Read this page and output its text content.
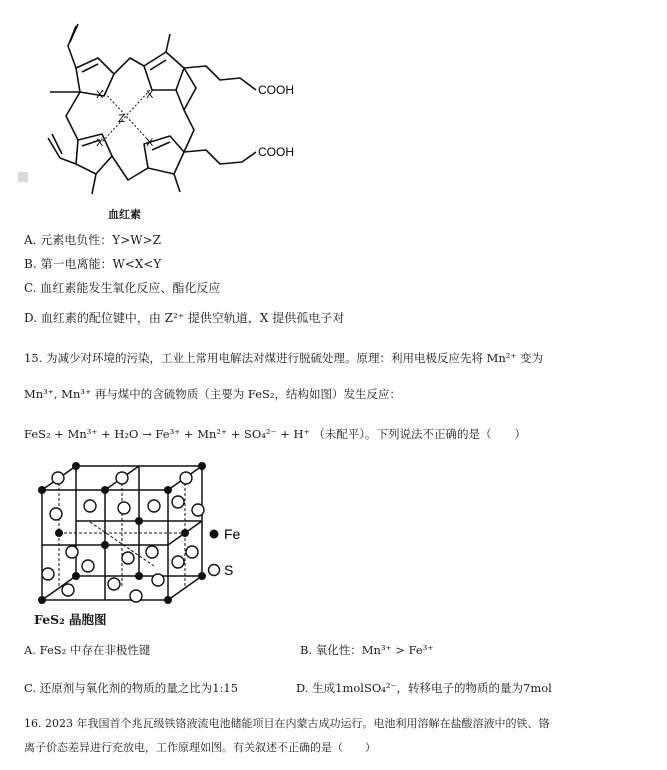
X	X
Z
X	X
COOH
COOH
血红素
A. 元素电负性：Y>W>Z
B. 第一电离能：W<X<Y
C. 血红素能发生氧化反应、酯化反应
D. 血红素的配位键中，由 Z²⁺ 提供空轨道，X 提供孤电子对
15. 为减少对环境的污染，工业上常用电解法对煤进行脱硫处理。原理：利用电极反应先将 Mn²⁺ 变为
Mn³⁺, Mn³⁺ 再与煤中的含硫物质（主要为 FeS₂，结构如图）发生反应：
FeS₂ + Mn³⁺ + H₂O → Fe³⁺ + Mn²⁺ + SO₄²⁻ + H⁺ （未配平）。下列说法不正确的是（　　）
Fe
S
FeS₂ 晶胞图
A. FeS₂ 中存在非极性键	B. 氧化性：Mn³⁺ > Fe³⁺
C. 还原剂与氧化剂的物质的量之比为1:15	D. 生成1molSO₄²⁻，转移电子的物质的量为7mol
16. 2023 年我国首个兆瓦级铁铬液流电池储能项目在内蒙古成功运行。电池利用溶解在盐酸溶液中的铁、铬
离子价态差异进行充放电，工作原理如图。有关叙述不正确的是（　　）
